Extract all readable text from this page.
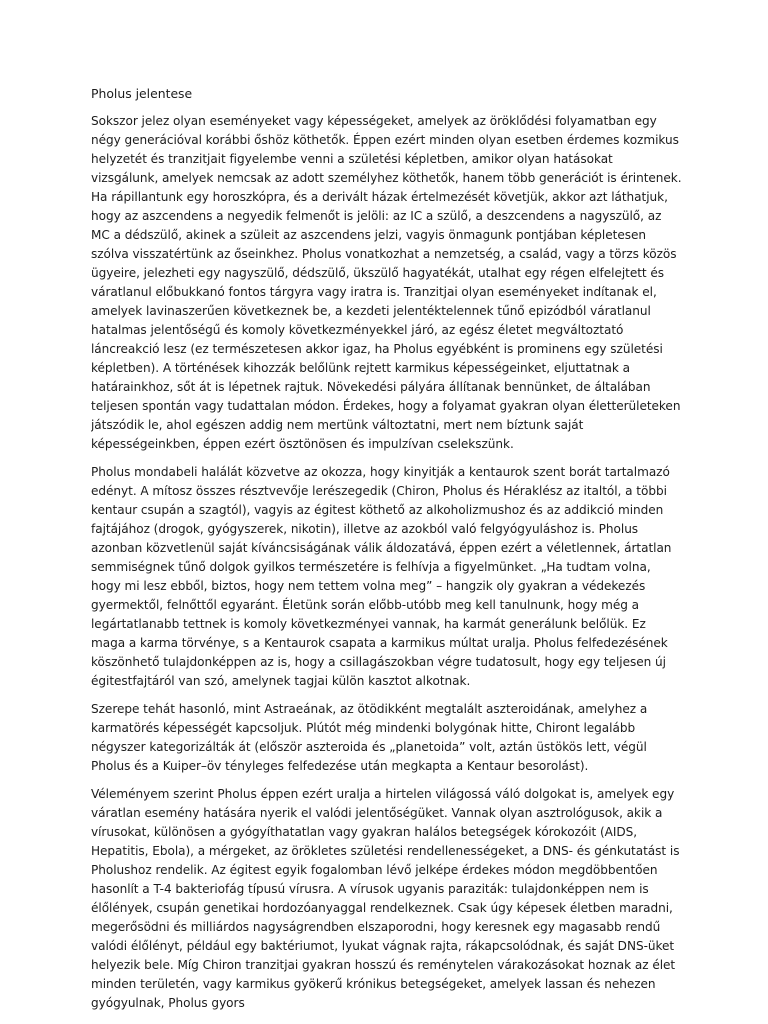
Pholus jelentese

Sokszor jelez olyan eseményeket vagy képességeket, amelyek az öröklődési folyamatban egy négy generációval korábbi őshöz köthetők. Éppen ezért minden olyan esetben érdemes kozmikus helyzetét és tranzitjait figyelembe venni a születési képletben, amikor olyan hatásokat vizsgálunk, amelyek nemcsak az adott személyhez köthetők, hanem több generációt is érintenek. Ha rápillantunk egy horoszkópra, és a derivált házak értelmezését követjük, akkor azt láthatjuk, hogy az aszcendens a negyedik felmenőt is jelöli: az IC a szülő, a deszcendens a nagyszülő, az MC a dédszülő, akinek a szüleit az aszcendens jelzi, vagyis önmagunk pontjában képletesen szólva visszatértünk az őseinkhez. Pholus vonatkozhat a nemzetség, a család, vagy a törzs közös ügyeire, jelezheti egy nagyszülő, dédszülő, ükszülő hagyatékát, utalhat egy régen elfelejtett és váratlanul előbukkanó fontos tárgyra vagy iratra is. Tranzitjai olyan eseményeket indítanak el, amelyek lavinaszerűen következnek be, a kezdeti jelentéktelennek tűnő epizódból váratlanul hatalmas jelentőségű és komoly következményekkel járó, az egész életet megváltoztató láncreakció lesz (ez természetesen akkor igaz, ha Pholus egyébként is prominens egy születési képletben). A történések kihozzák belőlünk rejtett karmikus képességeinket, eljuttatnak a határainkhoz, sőt át is lépetnek rajtuk. Növekedési pályára állítanak bennünket, de általában teljesen spontán vagy tudattalan módon. Érdekes, hogy a folyamat gyakran olyan életterületeken játszódik le, ahol egészen addig nem mertünk változtatni, mert nem bíztunk saját képességeinkben, éppen ezért ösztönösen és impulzívan cselekszünk.

Pholus mondabeli halálát közvetve az okozza, hogy kinyitják a kentaurok szent borát tartalmazó edényt. A mítosz összes résztvevője lerészegedik (Chiron, Pholus és Héraklész az italtól, a többi kentaur csupán a szagtól), vagyis az égitest köthető az alkoholizmushoz és az addikció minden fajtájához (drogok, gyógyszerek, nikotin), illetve az azokból való felgyógyuláshoz is. Pholus azonban közvetlenül saját kíváncsiságának válik áldozatává, éppen ezért a véletlennek, ártatlan semmiségnek tűnő dolgok gyilkos természetére is felhívja a figyelmünket. „Ha tudtam volna, hogy mi lesz ebből, biztos, hogy nem tettem volna meg” – hangzik oly gyakran a védekezés gyermektől, felnőttől egyaránt. Életünk során előbb-utóbb meg kell tanulnunk, hogy még a legártatlanabb tettnek is komoly következményei vannak, ha karmát generálunk belőlük. Ez maga a karma törvénye, s a Kentaurok csapata a karmikus múltat uralja. Pholus felfedezésének köszönhető tulajdonképpen az is, hogy a csillagászokban végre tudatosult, hogy egy teljesen új égitestfajtáról van szó, amelynek tagjai külön kasztot alkotnak.

Szerepe tehát hasonló, mint Astraeának, az ötödikként megtalált aszteroidának, amelyhez a karmatörés képességét kapcsoljuk. Plútót még mindenki bolygónak hitte, Chiront legalább négyszer kategorizálták át (először aszteroida és „planetoida” volt, aztán üstökös lett, végül Pholus és a Kuiper–öv tényleges felfedezése után megkapta a Kentaur besorolást).

Véleményem szerint Pholus éppen ezért uralja a hirtelen világossá váló dolgokat is, amelyek egy váratlan esemény hatására nyerik el valódi jelentőségüket. Vannak olyan asztrológusok, akik a vírusokat, különösen a gyógyíthatatlan vagy gyakran halálos betegségek kórokozóit (AIDS, Hepatitis, Ebola), a mérgeket, az örökletes születési rendellenességeket, a DNS- és génkutatást is Pholushoz rendelik. Az égitest egyik fogalomban lévő jelképe érdekes módon megdöbbentően hasonlít a T-4 bakteriofág típusú vírusra. A vírusok ugyanis paraziták: tulajdonképpen nem is élőlények, csupán genetikai hordozóanyaggal rendelkeznek. Csak úgy képesek életben maradni, megerősödni és milliárdos nagyságrendben elszaporodni, hogy keresnek egy magasabb rendű valódi élőlényt, például egy baktériumot, lyukat vágnak rajta, rákapcsolódnak, és saját DNS-üket helyezik bele. Míg Chiron tranzitjai gyakran hosszú és reménytelen várakozásokat hoznak az élet minden területén, vagy karmikus gyökerű krónikus betegségeket, amelyek lassan és nehezen gyógyulnak, Pholus gyors
